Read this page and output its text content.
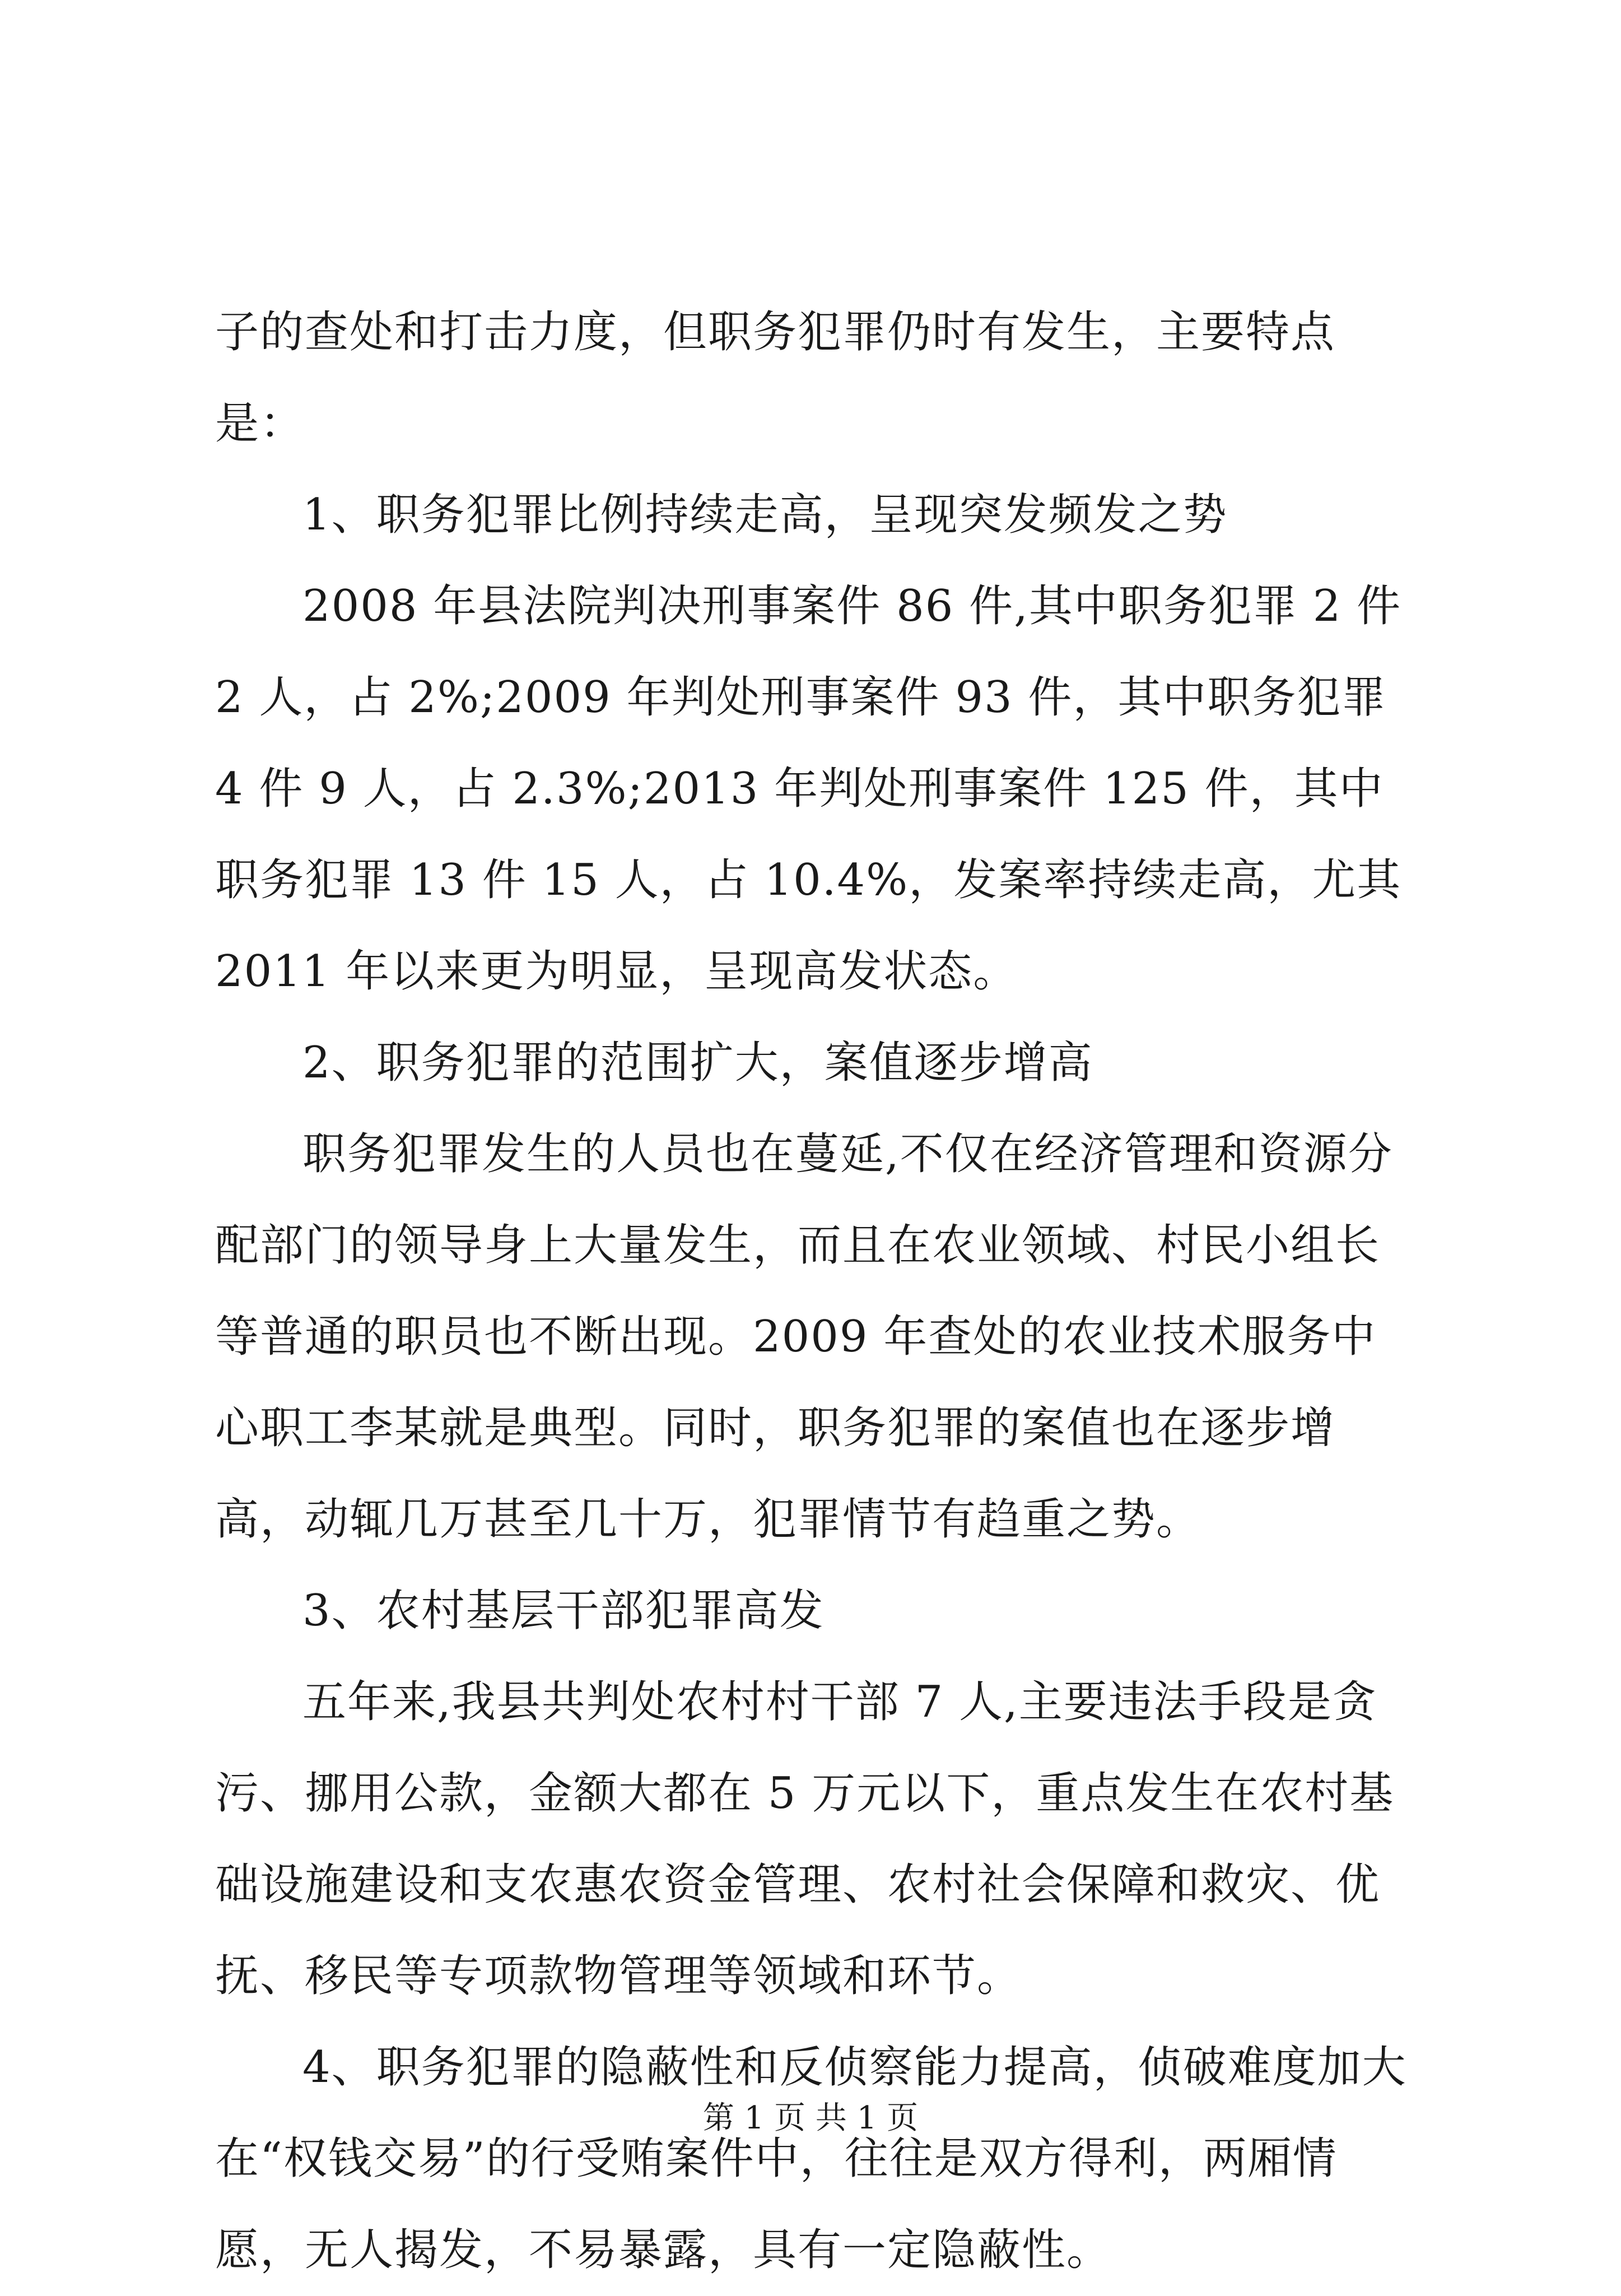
子的查处和打击力度，但职务犯罪仍时有发生，主要特点是：

1、职务犯罪比例持续走高，呈现突发频发之势

2008 年县法院判决刑事案件 86 件,其中职务犯罪 2 件 2 人，占 2%;2009 年判处刑事案件 93 件，其中职务犯罪 4 件 9 人，占 2.3%;2013 年判处刑事案件 125 件，其中职务犯罪 13 件 15 人，占 10.4%，发案率持续走高，尤其 2011 年以来更为明显，呈现高发状态。

2、职务犯罪的范围扩大，案值逐步增高

职务犯罪发生的人员也在蔓延,不仅在经济管理和资源分配部门的领导身上大量发生，而且在农业领域、村民小组长等普通的职员也不断出现。2009 年查处的农业技术服务中心职工李某就是典型。同时，职务犯罪的案值也在逐步增高，动辄几万甚至几十万，犯罪情节有趋重之势。

3、农村基层干部犯罪高发

五年来,我县共判处农村村干部 7 人,主要违法手段是贪污、挪用公款，金额大都在 5 万元以下，重点发生在农村基础设施建设和支农惠农资金管理、农村社会保障和救灾、优抚、移民等专项款物管理等领域和环节。

4、职务犯罪的隐蔽性和反侦察能力提高，侦破难度加大在“权钱交易”的行受贿案件中，往往是双方得利，两厢情愿，无人揭发，不易暴露，具有一定隐蔽性。

第 1 页 共 1 页
